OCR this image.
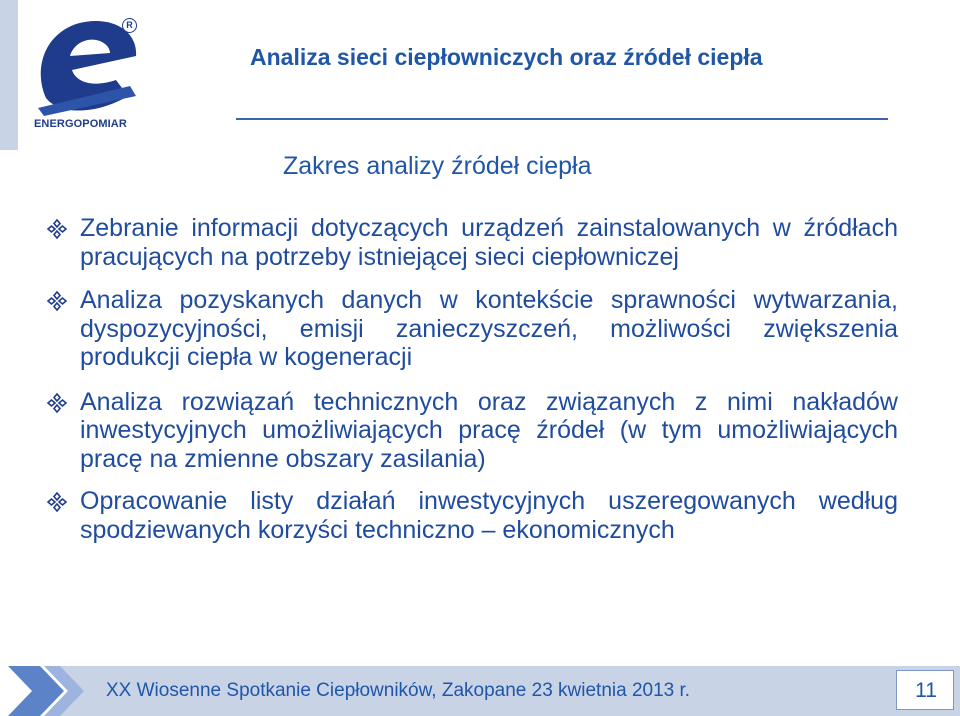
R
ENERGOPOMIAR
Analiza sieci ciepłowniczych oraz źródeł ciepła
Zakres analizy źródeł ciepła
Zebranie informacji dotyczących urządzeń zainstalowanych w źródłach pracujących na potrzeby istniejącej sieci ciepłowniczej
Analiza pozyskanych danych w kontekście sprawności wytwarzania, dyspozycyjności, emisji zanieczyszczeń, możliwości zwiększenia produkcji ciepła w kogeneracji
Analiza rozwiązań technicznych oraz związanych z nimi nakładów inwestycyjnych umożliwiających pracę źródeł (w tym umożliwiających pracę na zmienne obszary zasilania)
Opracowanie listy działań inwestycyjnych uszeregowanych według spodziewanych korzyści techniczno – ekonomicznych
XX Wiosenne Spotkanie Ciepłowników, Zakopane 23 kwietnia 2013 r.	11
